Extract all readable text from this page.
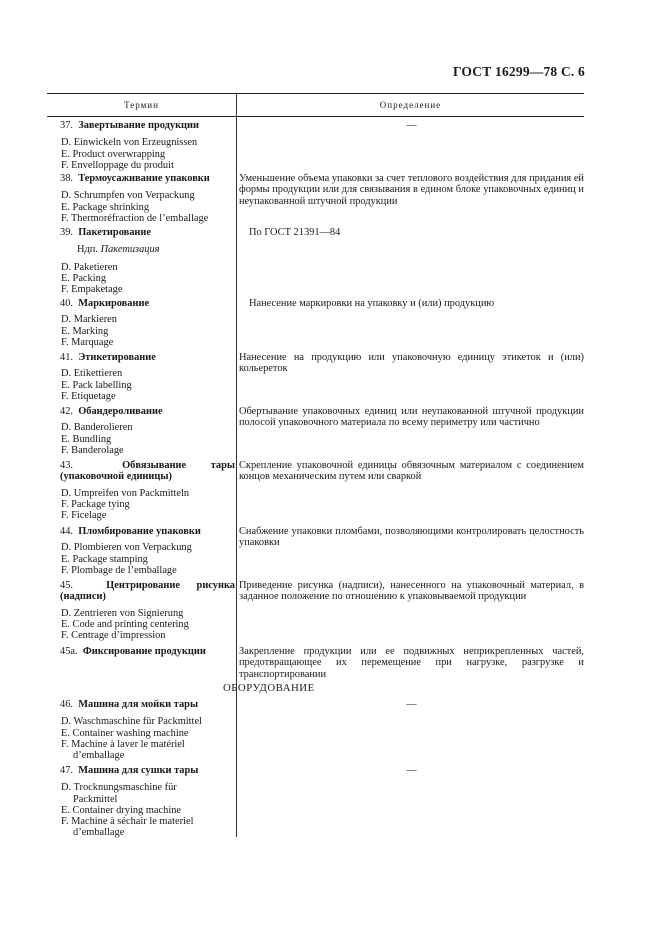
ГОСТ 16299—78 С. 6
Термин	Определение
37. Завертывание продукции
D. Einwickeln von Erzeugnissen
E. Product overwrapping
F. Envelloppage du produit
—
38. Термоусаживание упаковки
D. Schrumpfen von Verpackung
E. Package shrinking
F. Thermoréfraction de l’emballage
Уменьшение объема упаковки за счет теплового воздействия для придания ей формы продукции или для связывания в едином блоке упаковочных единиц и неупакованной штучной продукции
39. Пакетирование
Ндп. Пакетизация
D. Paketieren
E. Packing
F. Empaketage
По ГОСТ 21391—84
40. Маркирование
D. Markieren
E. Marking
F. Marquage
Нанесение маркировки на упаковку и (или) продукцию
41. Этикетирование
D. Etikettieren
E. Pack labelling
F. Etiquetage
Нанесение на продукцию или упаковочную единицу этикеток и (или) кольереток
42. Обандероливание
D. Banderolieren
E. Bundling
F. Banderolage
Обертывание упаковочных единиц или неупакованной штучной продукции полосой упаковочного материала по всему периметру или частично
43.	Обвязывание тары (упаковочной единицы)
D. Umpreifen von Packmitteln
F. Package tying
F. Ficelage
Скрепление упаковочной единицы обвязочным материалом с соединением концов механическим путем или сваркой
44. Пломбирование упаковки
D. Plombieren von Verpackung
E. Package stamping
F. Plombage de l’emballage
Снабжение упаковки пломбами, позволяющими контролировать целостность упаковки
45.	Центрирование рисунка (надписи)
D. Zentrieren von Signierung
E. Code and printing centering
F. Centrage d’impression
Приведение рисунка (надписи), нанесенного на упаковочный материал, в заданное положение по отношению к упаковываемой продукции
45a. Фиксирование продукции	Закрепление продукции или ее подвижных неприкрепленных частей, предотвращающее их перемещение при нагрузке, разгрузке и транспортировании
46. Машина для мойки тары
D. Waschmaschine für Packmittel
E. Container washing machine
F. Machine à laver le matériel
d’emballage
—
47. Машина для сушки тары
D. Trocknungsmaschine für
Packmittel
E. Container drying machine
F. Machine à séchair le materiel
d’emballage
—
ОБОРУДОВАНИЕ
